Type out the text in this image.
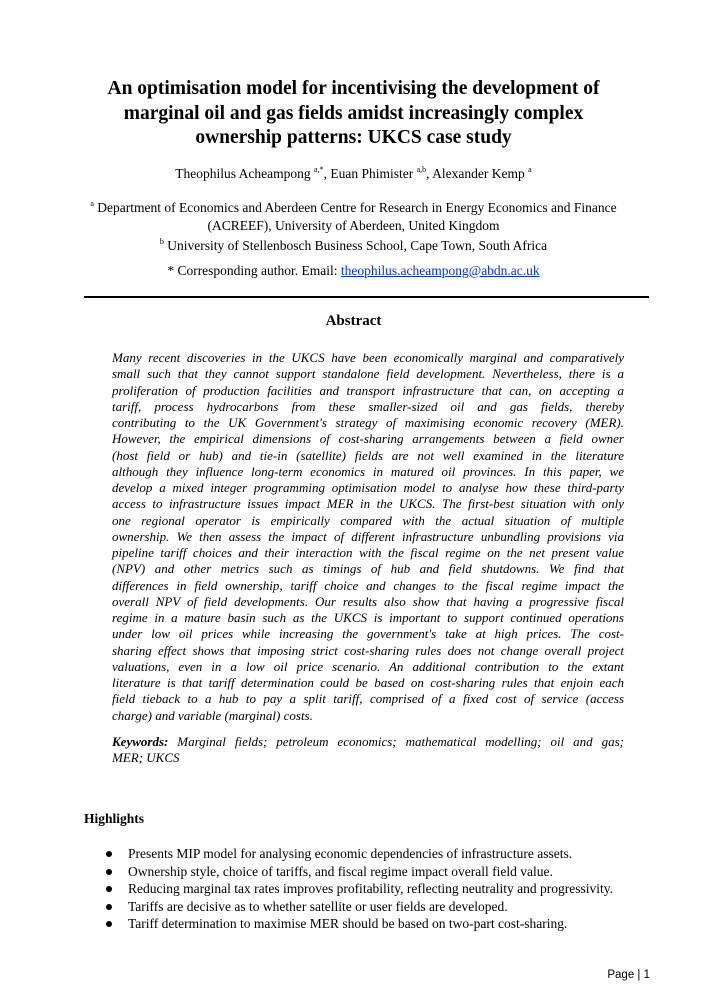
An optimisation model for incentivising the development of
marginal oil and gas fields amidst increasingly complex
ownership patterns: UKCS case study
Theophilus Acheampong $^{a,*}$, Euan Phimister $^{a,b}$, Alexander Kemp $^a$
$^a$ Department of Economics and Aberdeen Centre for Research in Energy Economics and Finance
(ACREEF), University of Aberdeen, United Kingdom
$^b$ University of Stellenbosch Business School, Cape Town, South Africa
* Corresponding author. Email: theophilus.acheampong@abdn.ac.uk
Abstract
Many recent discoveries in the UKCS have been economically marginal and comparatively
small such that they cannot support standalone field development. Nevertheless, there is a
proliferation of production facilities and transport infrastructure that can, on accepting a
tariff, process hydrocarbons from these smaller-sized oil and gas fields, thereby
contributing to the UK Government's strategy of maximising economic recovery (MER).
However, the empirical dimensions of cost-sharing arrangements between a field owner
(host field or hub) and tie-in (satellite) fields are not well examined in the literature
although they influence long-term economics in matured oil provinces. In this paper, we
develop a mixed integer programming optimisation model to analyse how these third-party
access to infrastructure issues impact MER in the UKCS. The first-best situation with only
one regional operator is empirically compared with the actual situation of multiple
ownership. We then assess the impact of different infrastructure unbundling provisions via
pipeline tariff choices and their interaction with the fiscal regime on the net present value
(NPV) and other metrics such as timings of hub and field shutdowns. We find that
differences in field ownership, tariff choice and changes to the fiscal regime impact the
overall NPV of field developments. Our results also show that having a progressive fiscal
regime in a mature basin such as the UKCS is important to support continued operations
under low oil prices while increasing the government's take at high prices. The cost-
sharing effect shows that imposing strict cost-sharing rules does not change overall project
valuations, even in a low oil price scenario. An additional contribution to the extant
literature is that tariff determination could be based on cost-sharing rules that enjoin each
field tieback to a hub to pay a split tariff, comprised of a fixed cost of service (access
charge) and variable (marginal) costs.
Keywords: Marginal fields; petroleum economics; mathematical modelling; oil and gas;
MER; UKCS
Highlights
Presents MIP model for analysing economic dependencies of infrastructure assets.
Ownership style, choice of tariffs, and fiscal regime impact overall field value.
Reducing marginal tax rates improves profitability, reflecting neutrality and progressivity.
Tariffs are decisive as to whether satellite or user fields are developed.
Tariff determination to maximise MER should be based on two-part cost-sharing.
Page | 1
